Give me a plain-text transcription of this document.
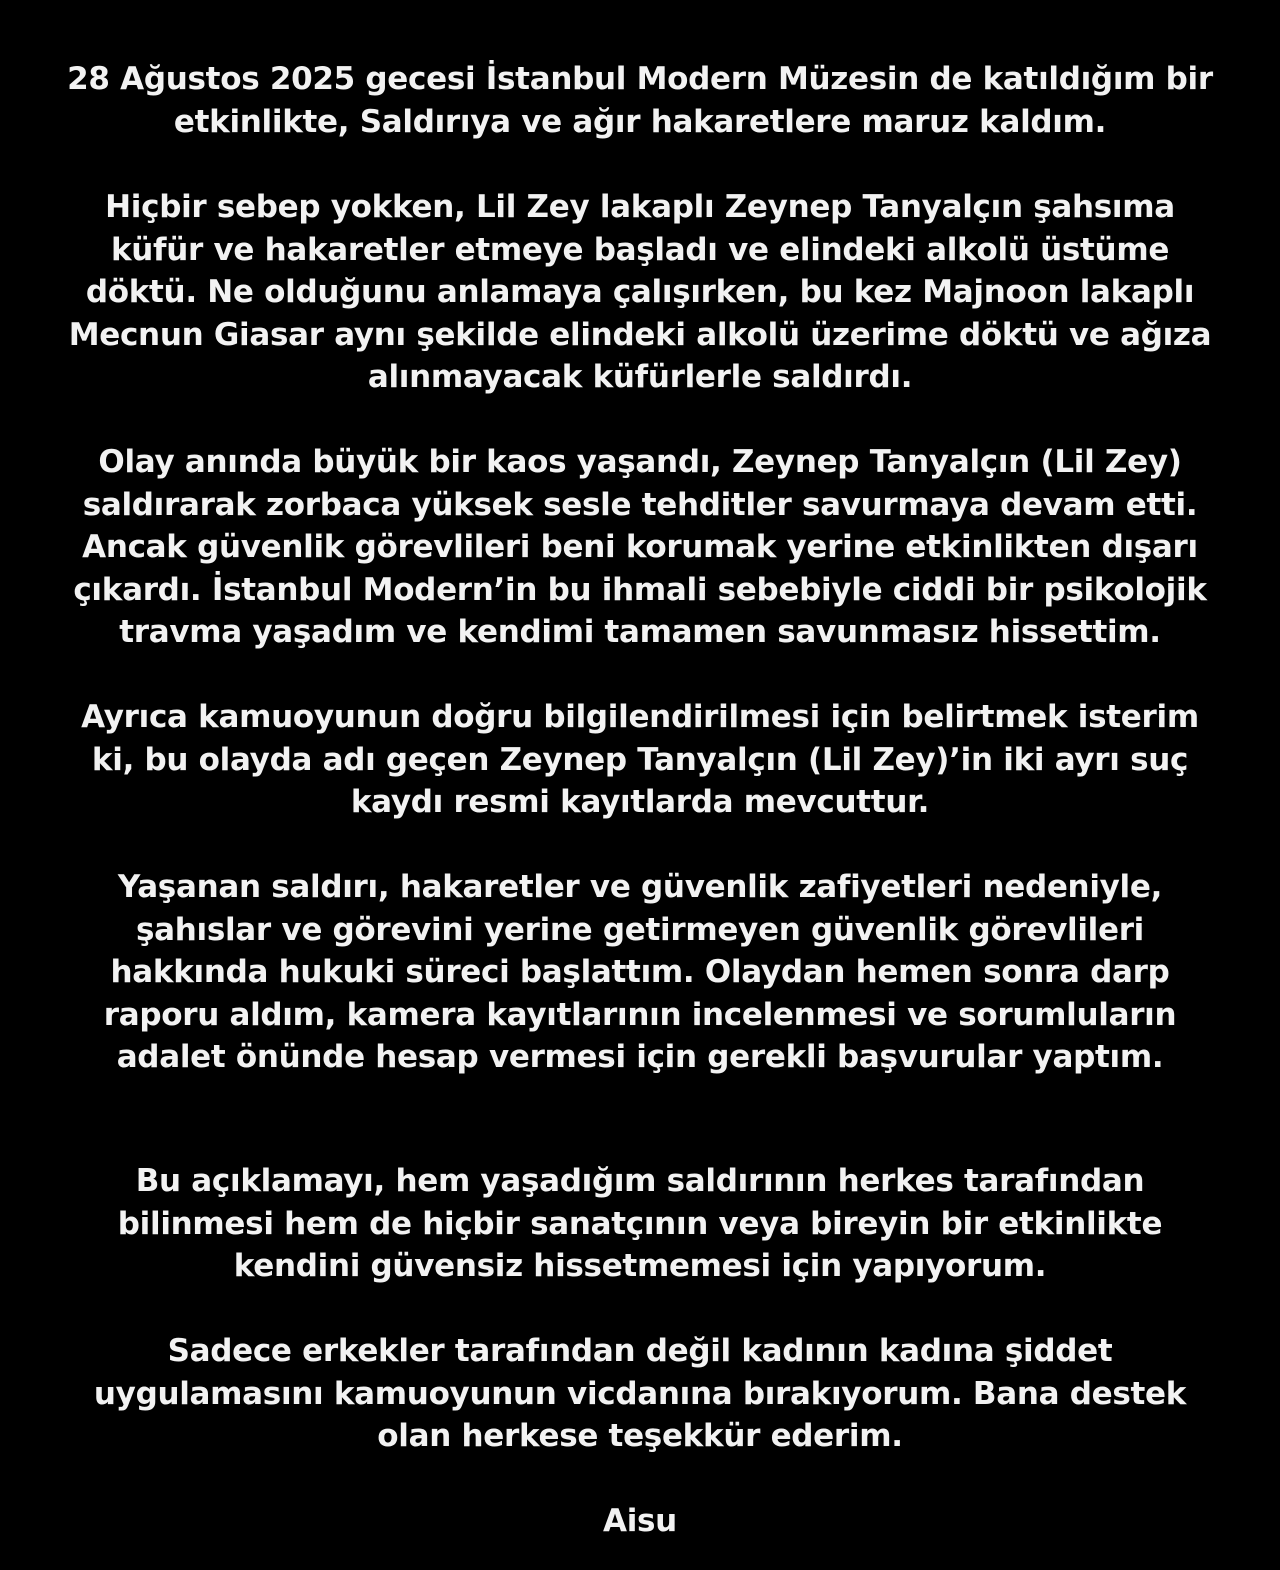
28 Ağustos 2025 gecesi İstanbul Modern Müzesin de katıldığım bir
etkinlikte, Saldırıya ve ağır hakaretlere maruz kaldım.

Hiçbir sebep yokken, Lil Zey lakaplı Zeynep Tanyalçın şahsıma
küfür ve hakaretler etmeye başladı ve elindeki alkolü üstüme
döktü. Ne olduğunu anlamaya çalışırken, bu kez Majnoon lakaplı
Mecnun Giasar aynı şekilde elindeki alkolü üzerime döktü ve ağıza
alınmayacak küfürlerle saldırdı.

Olay anında büyük bir kaos yaşandı, Zeynep Tanyalçın (Lil Zey)
saldırarak zorbaca yüksek sesle tehditler savurmaya devam etti.
Ancak güvenlik görevlileri beni korumak yerine etkinlikten dışarı
çıkardı. İstanbul Modern’in bu ihmali sebebiyle ciddi bir psikolojik
travma yaşadım ve kendimi tamamen savunmasız hissettim.

Ayrıca kamuoyunun doğru bilgilendirilmesi için belirtmek isterim
ki, bu olayda adı geçen Zeynep Tanyalçın (Lil Zey)’in iki ayrı suç
kaydı resmi kayıtlarda mevcuttur.

Yaşanan saldırı, hakaretler ve güvenlik zafiyetleri nedeniyle,
şahıslar ve görevini yerine getirmeyen güvenlik görevlileri
hakkında hukuki süreci başlattım. Olaydan hemen sonra darp
raporu aldım, kamera kayıtlarının incelenmesi ve sorumluların
adalet önünde hesap vermesi için gerekli başvurular yaptım.

Bu açıklamayı, hem yaşadığım saldırının herkes tarafından
bilinmesi hem de hiçbir sanatçının veya bireyin bir etkinlikte
kendini güvensiz hissetmemesi için yapıyorum.

Sadece erkekler tarafından değil kadının kadına şiddet
uygulamasını kamuoyunun vicdanına bırakıyorum. Bana destek
olan herkese teşekkür ederim.

Aisu
